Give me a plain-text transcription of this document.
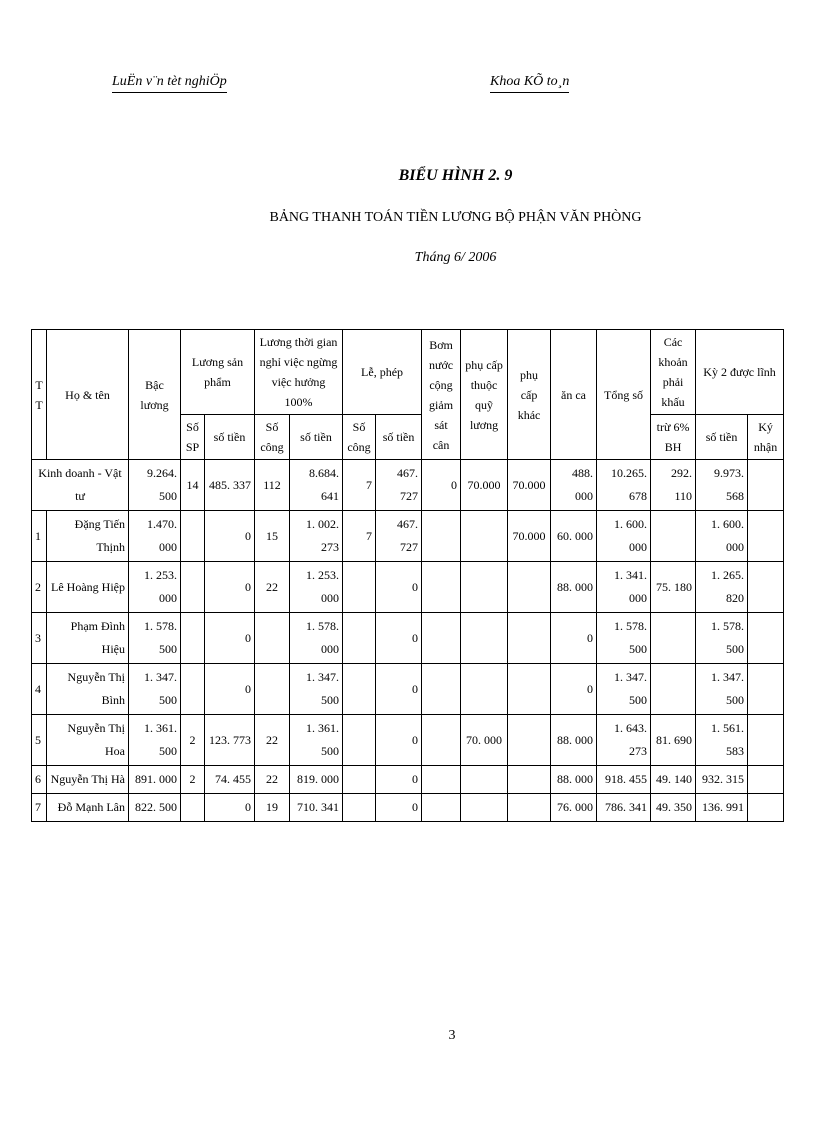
LuËn v¨n tèt nghiÖp	Khoa KÕ to¸n
BIỂU HÌNH 2. 9
BẢNG THANH TOÁN TIỀN LƯƠNG BỘ PHẬN VĂN PHÒNG
Tháng 6/ 2006
T T	Họ & tên	Bậc lương	Lương sản phẩm		Lương thời gian nghỉ việc ngừng việc hưởng 100%		Lễ, phép		Bơm nước cộng giảm sát cân	phụ cấp thuộc quỹ lương	phụ cấp khác	ăn ca	Tổng số	Các khoản phải khấu	Kỳ 2 được lĩnh	
			Số SP	số tiền	Số công	số tiền	Số công	số tiền						trừ 6% BH	số tiền	Ký nhận
Kinh doanh - Vật tư		9.264. 500	14	485. 337	112	8.684. 641	7	467. 727	0	70.000	70.000	488. 000	10.265. 678	292. 110	9.973. 568	
1	Đặng Tiến Thịnh	1.470. 000		0	15	1. 002. 273	7	467. 727			70.000	60. 000	1. 600. 000		1. 600. 000	
2	Lê Hoàng Hiệp	1. 253. 000		0	22	1. 253. 000		0				88. 000	1. 341. 000	75. 180	1. 265. 820	
3	Phạm Đình Hiệu	1. 578. 500		0		1. 578. 000		0				0	1. 578. 500		1. 578. 500	
4	Nguyễn Thị Bình	1. 347. 500		0		1. 347. 500		0				0	1. 347. 500		1. 347. 500	
5	Nguyễn Thị Hoa	1. 361. 500	2	123. 773	22	1. 361. 500		0		70. 000		88. 000	1. 643. 273	81. 690	1. 561. 583	
6	Nguyễn Thị Hà	891. 000	2	74. 455	22	819. 000		0				88. 000	918. 455	49. 140	932. 315	
7	Đỗ Mạnh Lân	822. 500		0	19	710. 341		0				76. 000	786. 341	49. 350	136. 991	
3
